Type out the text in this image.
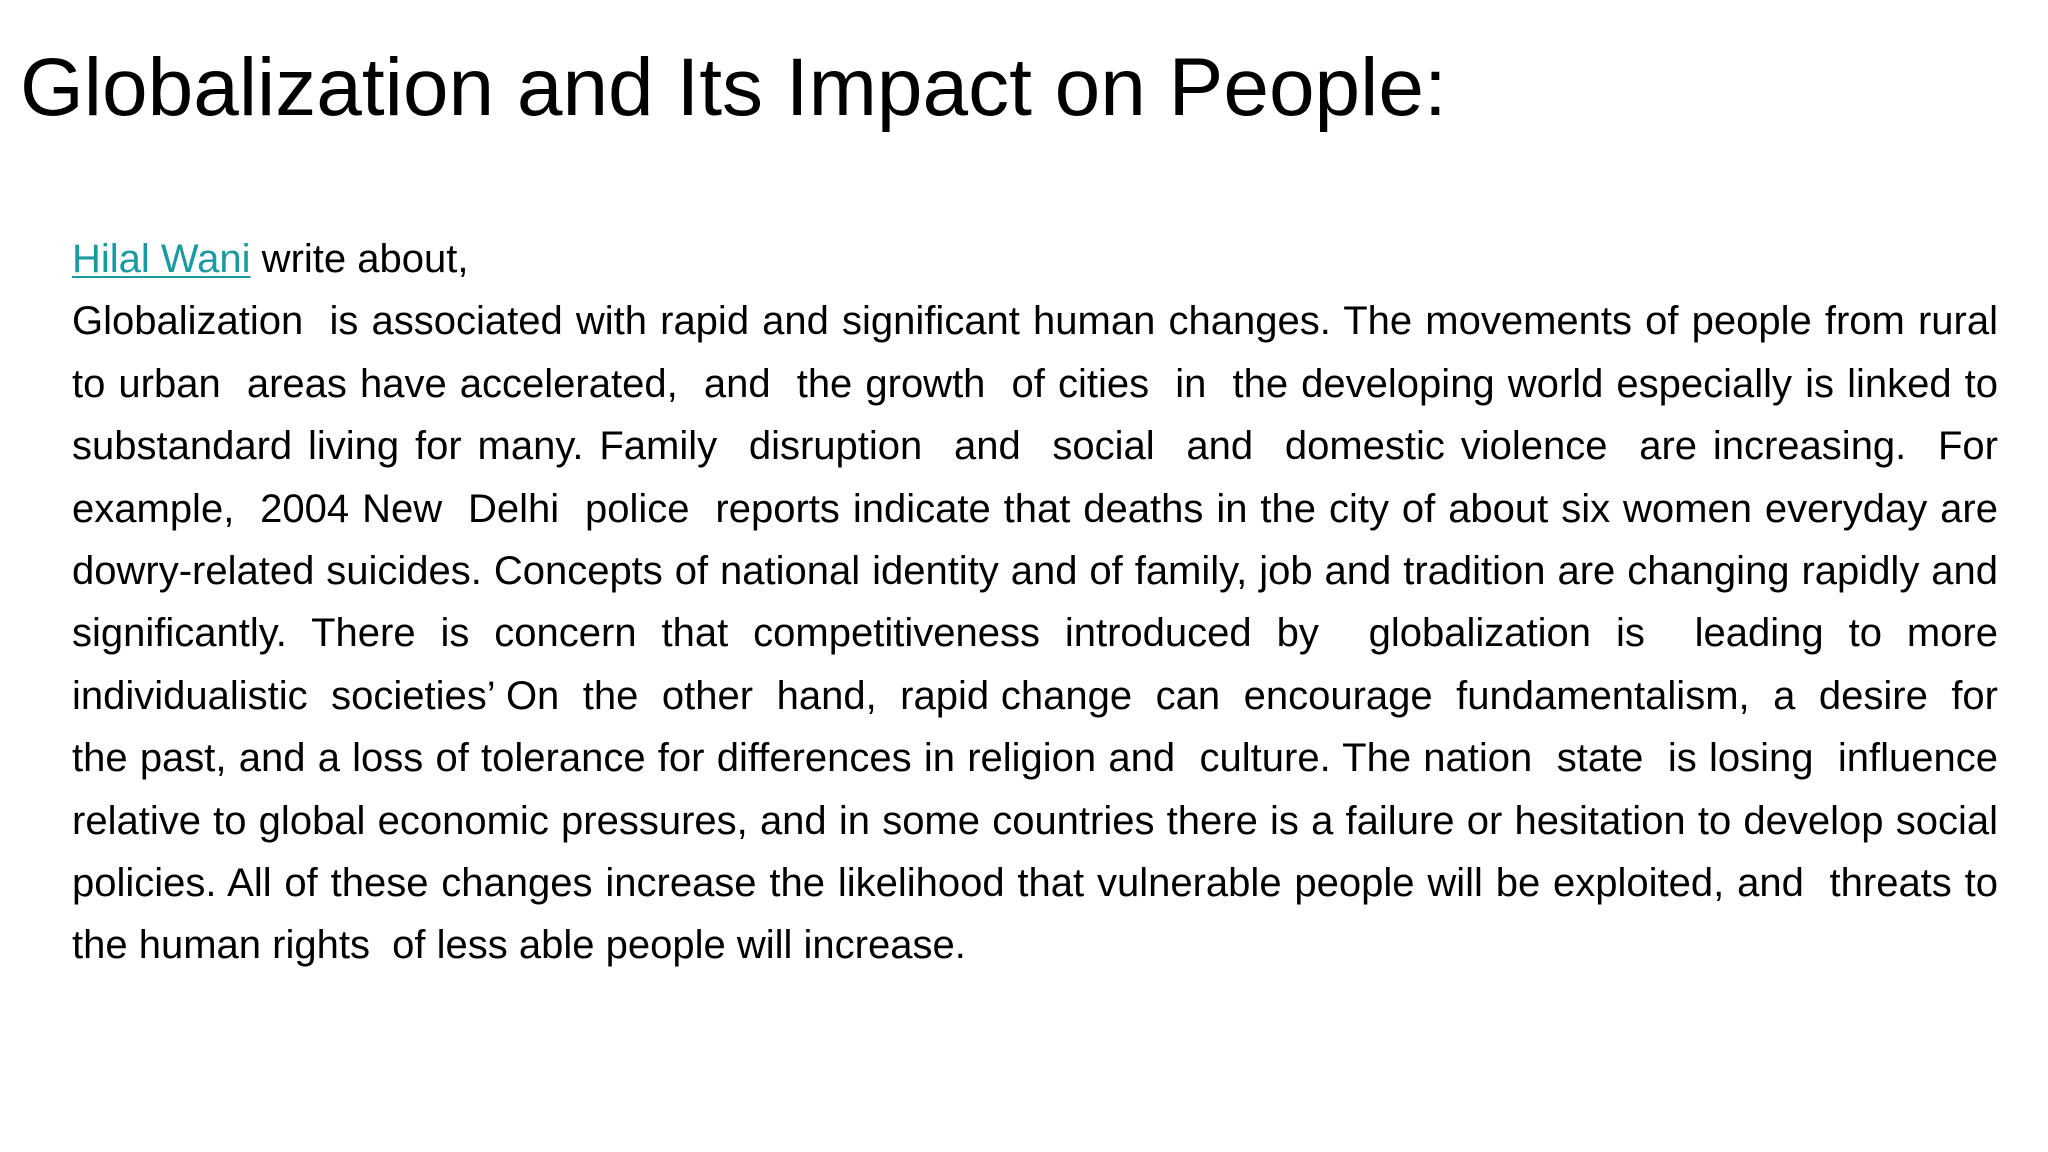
Globalization and Its Impact on People:

Hilal Wani write about,

Globalization  is associated with rapid and significant human changes. The movements of people from rural to urban  areas have accelerated,  and  the growth  of cities  in  the developing world especially is linked to substandard living for many. Family  disruption  and  social  and  domestic violence  are increasing.  For example,  2004 New  Delhi  police  reports indicate that deaths in the city of about six women everyday are dowry-related suicides. Concepts of national identity and of family, job and tradition are changing rapidly and significantly. There is concern that competitiveness introduced by  globalization is  leading to more  individualistic  societies’ On  the  other  hand,  rapid change  can  encourage  fundamentalism,  a  desire  for  the past, and a loss of tolerance for differences in religion and  culture. The nation  state  is losing  influence  relative to global economic pressures, and in some countries there is a failure or hesitation to develop social policies. All of these changes increase the likelihood that vulnerable people will be exploited, and  threats to the human rights  of less able people will increase.
